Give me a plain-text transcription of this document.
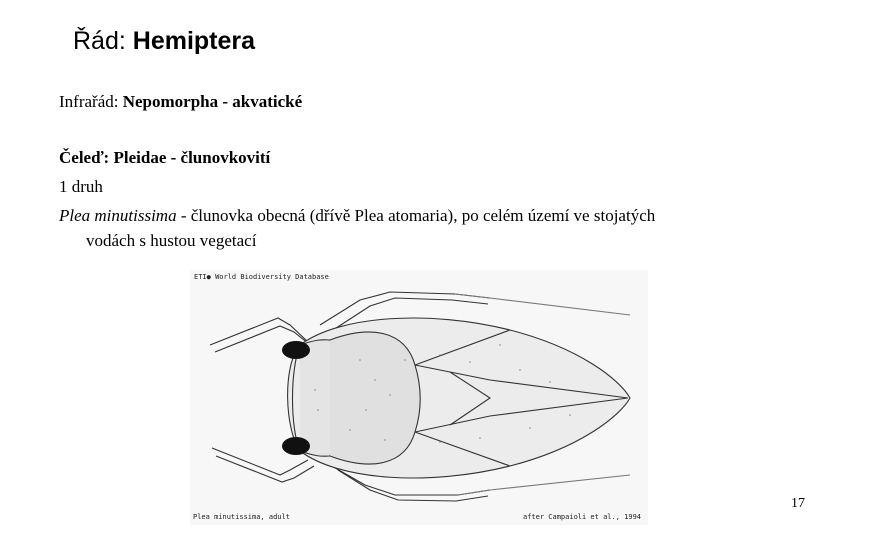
Řád: Hemiptera
Infrařád: Nepomorpha - akvatické
Čeleď: Pleidae - člunovkovití
1 druh
Plea minutissima - člunovka obecná (dřívě Plea atomaria), po celém území ve stojatých
vodách s hustou vegetací
ETI● World Biodiversity Database
Plea minutissima, adult	after Campaioli et al., 1994
17
